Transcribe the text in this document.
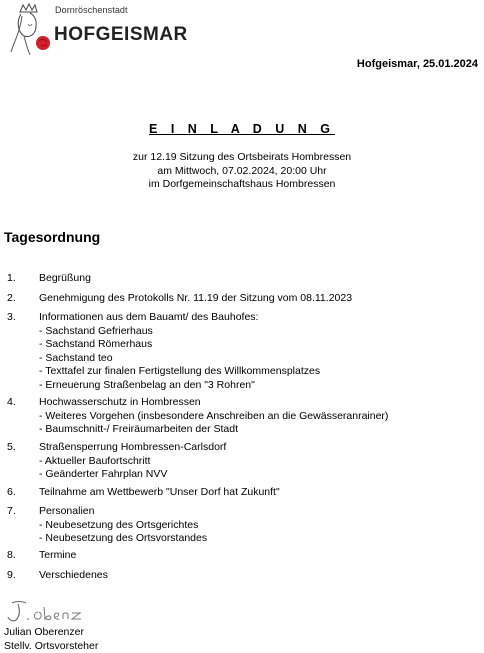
Dornröschenstadt
HOFGEISMAR
Hofgeismar, 25.01.2024
E I N L A D U N G
zur 12.19 Sitzung des Ortsbeirats Hombressen
am Mittwoch, 07.02.2024, 20:00 Uhr
im Dorfgemeinschaftshaus Hombressen
Tagesordnung
1.	Begrüßung
2.	Genehmigung des Protokolls Nr. 11.19 der Sitzung vom 08.11.2023
3.	Informationen aus dem Bauamt/ des Bauhofes:
- Sachstand Gefrierhaus
- Sachstand Römerhaus
- Sachstand teo
- Texttafel zur finalen Fertigstellung des Willkommensplatzes
- Erneuerung Straßenbelag an den "3 Rohren"
4.	Hochwasserschutz in Hombressen
- Weiteres Vorgehen (insbesondere Anschreiben an die Gewässeranrainer)
- Baumschnitt-/ Freiräumarbeiten der Stadt
5.	Straßensperrung Hombressen-Carlsdorf
- Aktueller Baufortschritt
- Geänderter Fahrplan NVV
6.	Teilnahme am Wettbewerb "Unser Dorf hat Zukunft"
7.	Personalien
- Neubesetzung des Ortsgerichtes
- Neubesetzung des Ortsvorstandes
8.	Termine
9.	Verschiedenes
Julian Oberenzer
Stellv. Ortsvorsteher
